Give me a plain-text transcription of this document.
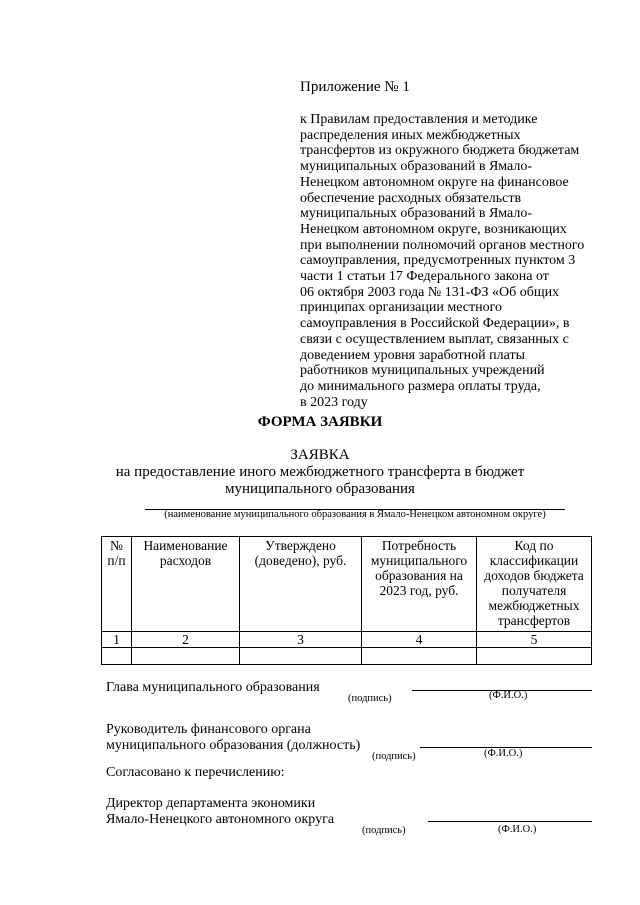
Приложение № 1
к Правилам предоставления и методике
распределения иных межбюджетных
трансфертов из окружного бюджета бюджетам
муниципальных образований в Ямало-
Ненецком автономном округе на финансовое
обеспечение расходных обязательств
муниципальных образований в Ямало-
Ненецком автономном округе, возникающих
при выполнении полномочий органов местного
самоуправления, предусмотренных пунктом 3
части 1 статьи 17 Федерального закона от
06 октября 2003 года № 131-ФЗ «Об общих
принципах организации местного
самоуправления в Российской Федерации», в
связи с осуществлением выплат, связанных с
доведением уровня заработной платы
работников муниципальных учреждений
до минимального размера оплаты труда,
в 2023 году
ФОРМА ЗАЯВКИ
ЗАЯВКА
на предоставление иного межбюджетного трансферта в бюджет
муниципального образования
(наименование муниципального образования в Ямало-Ненецком автономном округе)
№ п/п	Наименование расходов	Утверждено (доведено), руб.	Потребность муниципального образования на 2023 год, руб.	Код по классификации доходов бюджета получателя межбюджетных трансфертов
1	2	3	4	5

Глава муниципального образования
(подпись)	(Ф.И.О.)
Руководитель финансового органа
муниципального образования (должность)
(подпись)	(Ф.И.О.)
Согласовано к перечислению:
Директор департамента экономики
Ямало-Ненецкого автономного округа
(подпись)	(Ф.И.О.)
